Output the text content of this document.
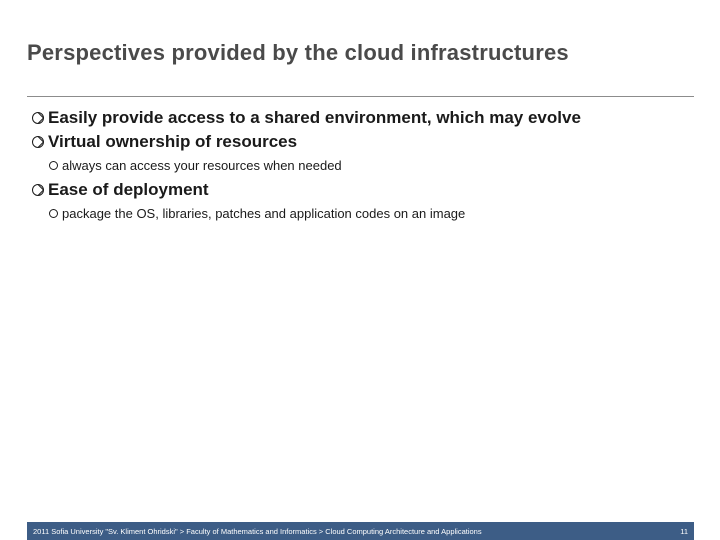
Perspectives provided by the cloud infrastructures
Easily provide access to a shared environment, which may evolve
Virtual ownership of resources
always can access your resources when needed
Ease of deployment
package the OS, libraries, patches and application codes on an image
2011 Sofia University "Sv. Kliment Ohridski" > Faculty of Mathematics and Informatics > Cloud Computing Architecture and Applications	11
